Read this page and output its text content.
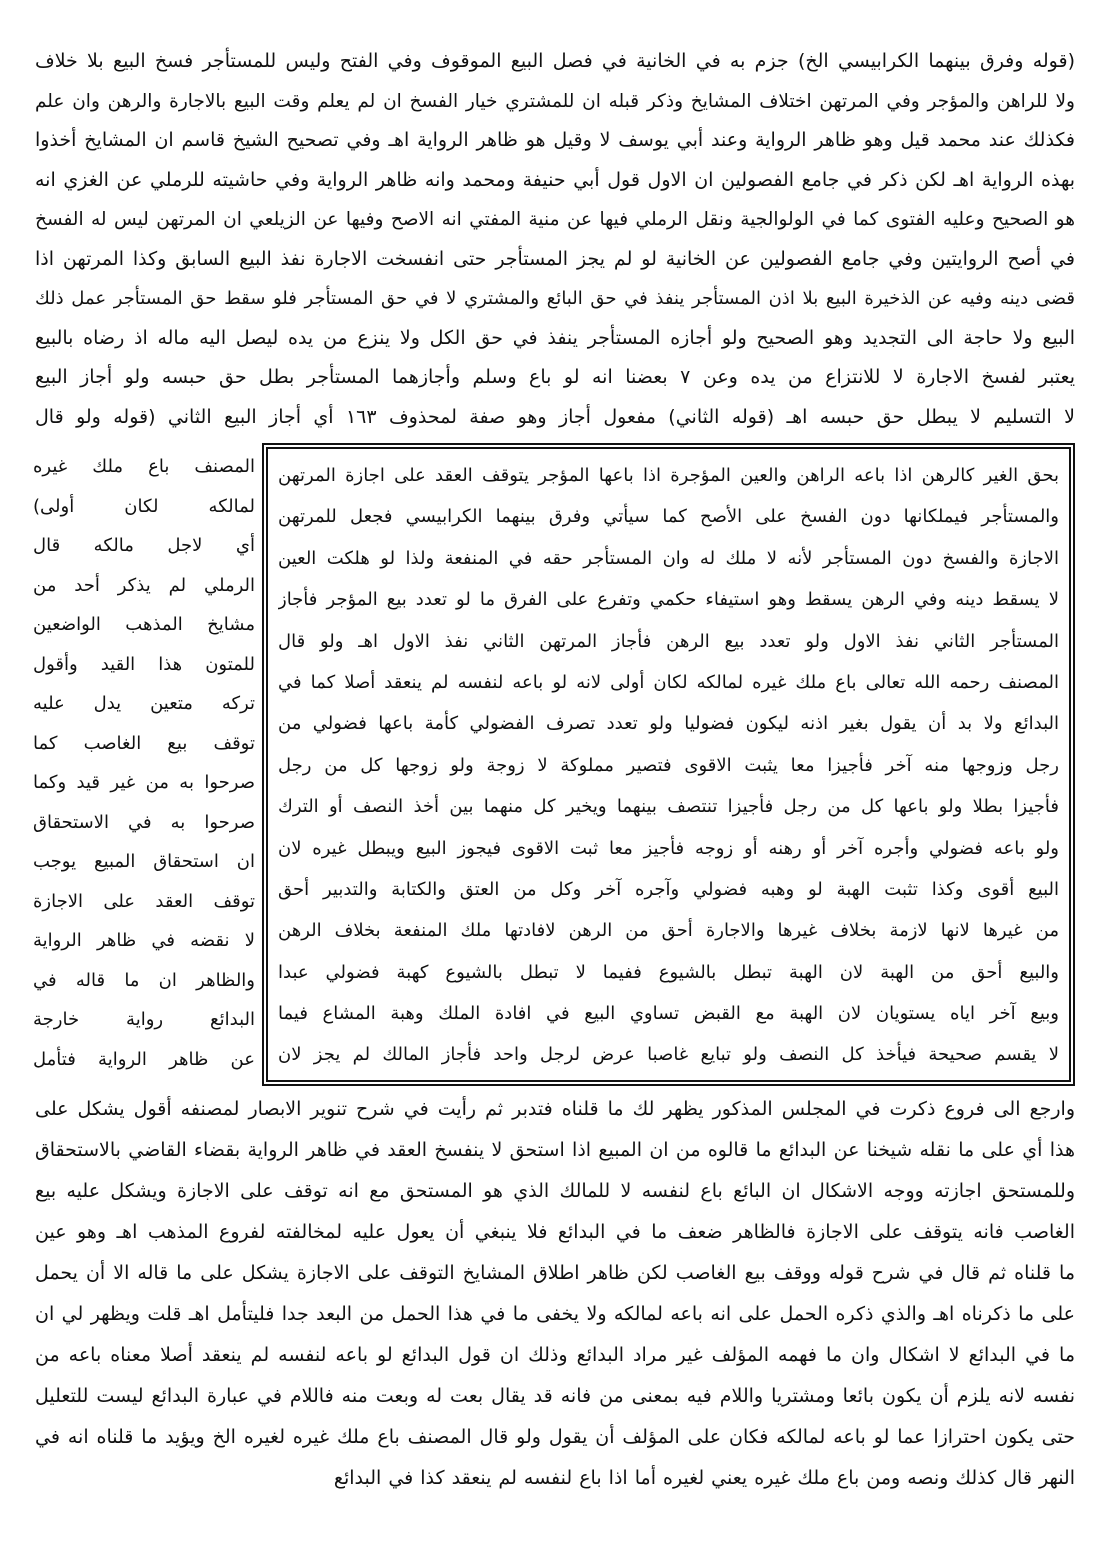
(قوله وفرق بينهما الكرابيسي الخ) جزم به في الخانية في فصل البيع الموقوف وفي الفتح وليس للمستأجر فسخ البيع بلا خلاف
ولا للراهن والمؤجر وفي المرتهن اختلاف المشايخ وذكر قبله ان للمشتري خيار الفسخ ان لم يعلم وقت البيع بالاجارة والرهن وان علم
فكذلك عند محمد قيل وهو ظاهر الرواية وعند أبي يوسف لا وقيل هو ظاهر الرواية اهـ وفي تصحيح الشيخ قاسم ان المشايخ أخذوا
بهذه الرواية اهـ لكن ذكر في جامع الفصولين ان الاول قول أبي حنيفة ومحمد وانه ظاهر الرواية وفي حاشيته للرملي عن الغزي انه
هو الصحيح وعليه الفتوى كما في الولوالجية ونقل الرملي فيها عن منية المفتي انه الاصح وفيها عن الزيلعي ان المرتهن ليس له الفسخ
في أصح الروايتين وفي جامع الفصولين عن الخانية لو لم يجز المستأجر حتى انفسخت الاجارة نفذ البيع السابق وكذا المرتهن اذا
قضى دينه وفيه عن الذخيرة البيع بلا اذن المستأجر ينفذ في حق البائع والمشتري لا في حق المستأجر فلو سقط حق المستأجر عمل ذلك
البيع ولا حاجة الى التجديد وهو الصحيح ولو أجازه المستأجر ينفذ في حق الكل ولا ينزع من يده ليصل اليه ماله اذ رضاه بالبيع
يعتبر لفسخ الاجارة لا للانتزاع من يده وعن ٧ بعضنا انه لو باع وسلم وأجازهما المستأجر بطل حق حبسه ولو أجاز البيع
لا التسليم لا يبطل حق حبسه اهـ (قوله الثاني) مفعول أجاز وهو صفة لمحذوف ١٦٣ أي أجاز البيع الثاني (قوله ولو قال
بحق الغير كالرهن اذا باعه الراهن والعين المؤجرة اذا باعها المؤجر يتوقف العقد على اجازة المرتهن
والمستأجر فيملكانها دون الفسخ على الأصح كما سيأتي وفرق بينهما الكرابيسي فجعل للمرتهن
الاجازة والفسخ دون المستأجر لأنه لا ملك له وان المستأجر حقه في المنفعة ولذا لو هلكت العين
لا يسقط دينه وفي الرهن يسقط وهو استيفاء حكمي وتفرع على الفرق ما لو تعدد بيع المؤجر فأجاز
المستأجر الثاني نفذ الاول ولو تعدد بيع الرهن فأجاز المرتهن الثاني نفذ الاول اهـ ولو قال
المصنف رحمه الله تعالى باع ملك غيره لمالكه لكان أولى لانه لو باعه لنفسه لم ينعقد أصلا كما في
البدائع ولا بد أن يقول بغير اذنه ليكون فضوليا ولو تعدد تصرف الفضولي كأمة باعها فضولي من
رجل وزوجها منه آخر فأجيزا معا يثبت الاقوى فتصير مملوكة لا زوجة ولو زوجها كل من رجل
فأجيزا بطلا ولو باعها كل من رجل فأجيزا تنتصف بينهما ويخير كل منهما بين أخذ النصف أو الترك
ولو باعه فضولي وأجره آخر أو رهنه أو زوجه فأجيز معا ثبت الاقوى فيجوز البيع ويبطل غيره لان
البيع أقوى وكذا تثبت الهبة لو وهبه فضولي وآجره آخر وكل من العتق والكتابة والتدبير أحق
من غيرها لانها لازمة بخلاف غيرها والاجارة أحق من الرهن لافادتها ملك المنفعة بخلاف الرهن
والبيع أحق من الهبة لان الهبة تبطل بالشيوع ففيما لا تبطل بالشيوع كهبة فضولي عبدا
وبيع آخر اياه يستويان لان الهبة مع القبض تساوي البيع في افادة الملك وهبة المشاع فيما
لا يقسم صحيحة فيأخذ كل النصف ولو تبايع غاصبا عرض لرجل واحد فأجاز المالك لم يجز لان
المصنف باع ملك غيره
لمالكه لكان أولى)
أي لاجل مالكه قال
الرملي لم يذكر أحد من
مشايخ المذهب الواضعين
للمتون هذا القيد وأقول
تركه متعين يدل عليه
توقف بيع الغاصب كما
صرحوا به من غير قيد وكما
صرحوا به في الاستحقاق
ان استحقاق المبيع يوجب
توقف العقد على الاجازة
لا نقضه في ظاهر الرواية
والظاهر ان ما قاله في
البدائع رواية خارجة
عن ظاهر الرواية فتأمل
وارجع الى فروع ذكرت في المجلس المذكور يظهر لك ما قلناه فتدبر ثم رأيت في شرح تنوير الابصار لمصنفه أقول يشكل على
هذا أي على ما نقله شيخنا عن البدائع ما قالوه من ان المبيع اذا استحق لا ينفسخ العقد في ظاهر الرواية بقضاء القاضي بالاستحقاق
وللمستحق اجازته ووجه الاشكال ان البائع باع لنفسه لا للمالك الذي هو المستحق مع انه توقف على الاجازة ويشكل عليه بيع
الغاصب فانه يتوقف على الاجازة فالظاهر ضعف ما في البدائع فلا ينبغي أن يعول عليه لمخالفته لفروع المذهب اهـ وهو عين
ما قلناه ثم قال في شرح قوله ووقف بيع الغاصب لكن ظاهر اطلاق المشايخ التوقف على الاجازة يشكل على ما قاله الا أن يحمل
على ما ذكرناه اهـ والذي ذكره الحمل على انه باعه لمالكه ولا يخفى ما في هذا الحمل من البعد جدا فليتأمل اهـ قلت ويظهر لي ان
ما في البدائع لا اشكال وان ما فهمه المؤلف غير مراد البدائع وذلك ان قول البدائع لو باعه لنفسه لم ينعقد أصلا معناه باعه من
نفسه لانه يلزم أن يكون بائعا ومشتريا واللام فيه بمعنى من فانه قد يقال بعت له وبعت منه فاللام في عبارة البدائع ليست للتعليل
حتى يكون احترازا عما لو باعه لمالكه فكان على المؤلف أن يقول ولو قال المصنف باع ملك غيره لغيره الخ ويؤيد ما قلناه انه في
النهر قال كذلك ونصه ومن باع ملك غيره يعني لغيره أما اذا باع لنفسه لم ينعقد كذا في البدائع
